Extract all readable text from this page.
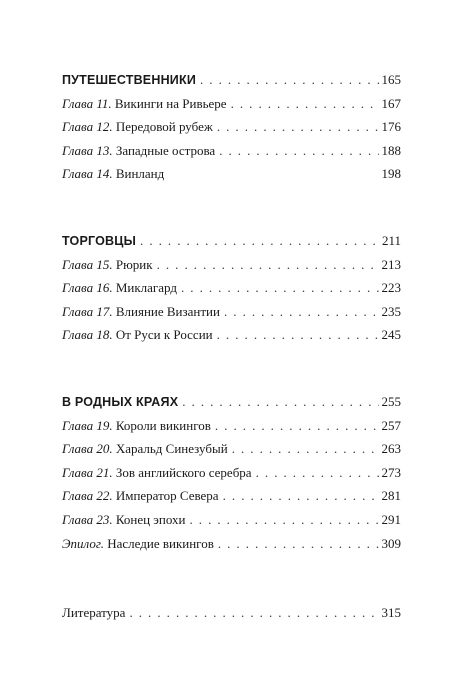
ПУТЕШЕСТВЕННИКИ . . .	165
Глава 11. Викинги на Ривьере . . .	167
Глава 12. Передовой рубеж . . .	176
Глава 13. Западные острова . . .	188
Глава 14. Винланд	198
ТОРГОВЦЫ . . .	211
Глава 15. Рюрик . . .	213
Глава 16. Миклагард . . .	223
Глава 17. Влияние Византии . . .	235
Глава 18. От Руси к России . . .	245
В РОДНЫХ КРАЯХ . . .	255
Глава 19. Короли викингов . . .	257
Глава 20. Харальд Синезубый . . .	263
Глава 21. Зов английского серебра . . .	273
Глава 22. Император Севера . . .	281
Глава 23. Конец эпохи . . .	291
Эпилог. Наследие викингов . . .	309
Литература . . .	315
